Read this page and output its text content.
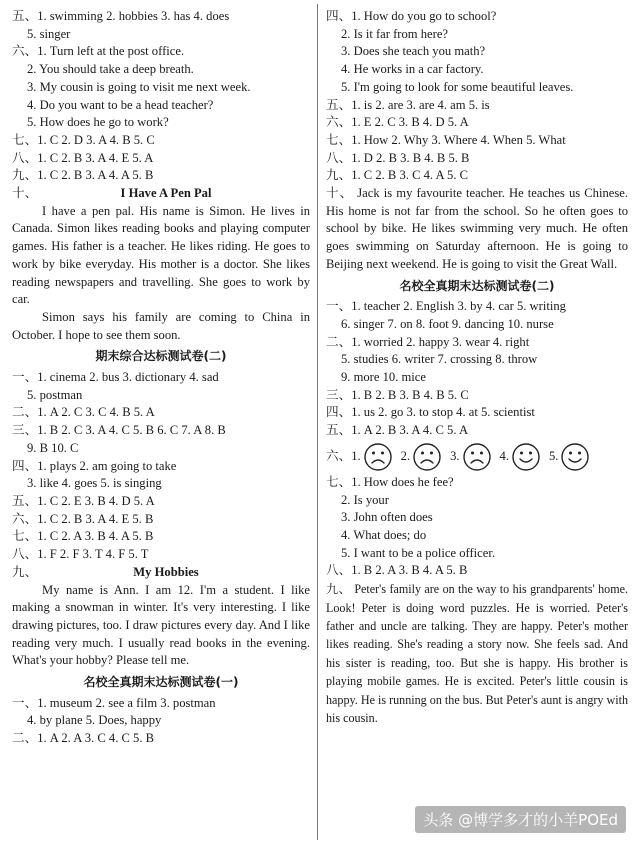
五、1. swimming 2. hobbies 3. has 4. does
5. singer
六、1. Turn left at the post office.
2. You should take a deep breath.
3. My cousin is going to visit me next week.
4. Do you want to be a head teacher?
5. How does he go to work?
七、1. C 2. D 3. A 4. B 5. C
八、1. C 2. B 3. A 4. E 5. A
九、1. C 2. B 3. A 4. A 5. B
十、	I Have A Pen Pal
I have a pen pal. His name is Simon. He lives in Canada. Simon likes reading books and playing computer games. His father is a teacher. He likes riding. He goes to work by bike everyday. His mother is a doctor. She likes reading newspapers and travelling. She goes to work by car.
Simon says his family are coming to China in October. I hope to see them soon.
期末综合达标测试卷(二)
一、1. cinema 2. bus 3. dictionary 4. sad
5. postman
二、1. A 2. C 3. C 4. B 5. A
三、1. B 2. C 3. A 4. C 5. B 6. C 7. A 8. B
9. B 10. C
四、1. plays 2. am going to take
3. like 4. goes 5. is singing
五、1. C 2. E 3. B 4. D 5. A
六、1. C 2. B 3. A 4. E 5. B
七、1. C 2. A 3. B 4. A 5. B
八、1. F 2. F 3. T 4. F 5. T
九、	My Hobbies
My name is Ann. I am 12. I'm a student. I like making a snowman in winter. It's very interesting. I like drawing pictures, too. I draw pictures every day. And I like reading very much. I usually read books in the evening. What's your hobby? Please tell me.
名校全真期末达标测试卷(一)
一、1. museum 2. see a film 3. postman
4. by plane 5. Does, happy
二、1. A 2. A 3. C 4. C 5. B
四、1. How do you go to school?
2. Is it far from here?
3. Does she teach you math?
4. He works in a car factory.
5. I'm going to look for some beautiful leaves.
五、1. is 2. are 3. are 4. am 5. is
六、1. E 2. C 3. B 4. D 5. A
七、1. How 2. Why 3. Where 4. When 5. What
八、1. D 2. B 3. B 4. B 5. B
九、1. C 2. B 3. C 4. A 5. C
十、 Jack is my favourite teacher. He teaches us Chinese. His home is not far from the school. So he often goes to school by bike. He likes swimming very much. He often goes swimming on Saturday afternoon. He is going to Beijing next weekend. He is going to visit the Great Wall.
名校全真期末达标测试卷(二)
一、1. teacher 2. English 3. by 4. car 5. writing
6. singer 7. on 8. foot 9. dancing 10. nurse
二、1. worried 2. happy 3. wear 4. right
5. studies 6. writer 7. crossing 8. throw
9. more 10. mice
三、1. B 2. B 3. B 4. B 5. C
四、1. us 2. go 3. to stop 4. at 5. scientist
五、1. A 2. B 3. A 4. C 5. A
六、 1.	2.	3.	4.	5.
七、1. How does he fee?
2. Is your
3. John often does
4. What does; do
5. I want to be a police officer.
八、1. B 2. A 3. B 4. A 5. B
九、 Peter's family are on the way to his grandparents' home. Look! Peter is doing word puzzles. He is worried. Peter's father and uncle are talking. They are happy. Peter's mother likes reading. She's reading a story now. She feels sad. And his sister is reading, too. But she is happy. His brother is playing mobile games. He is excited. Peter's little cousin is happy. He is running on the bus. But Peter's aunt is angry with his cousin.
头条 @博学多才的小羊POEd
